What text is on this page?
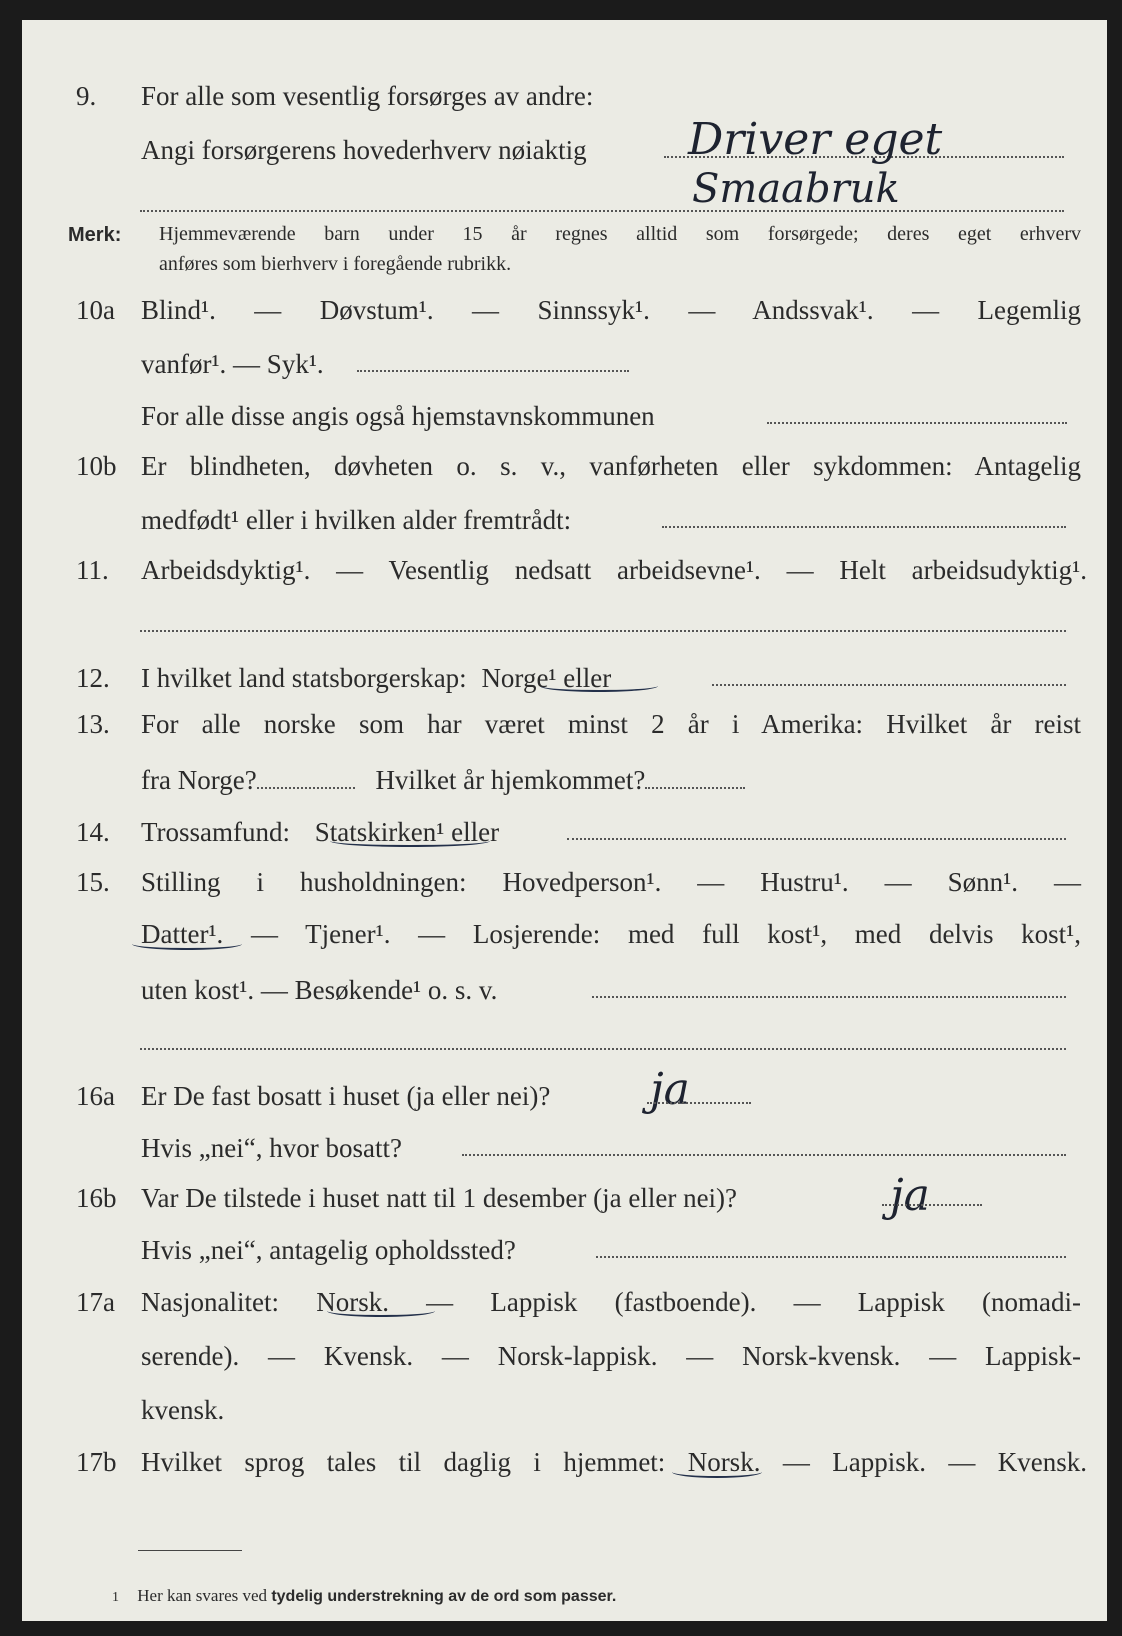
9.	For alle som vesentlig forsørges av andre:
Angi forsørgerens hovederhverv nøiaktig Driver eget
Smaabruk
Merk: Hjemmeværende barn under 15 år regnes alltid som forsørgede; deres eget erhverv
anføres som bierhverv i foregående rubrikk.
10a Blind¹. — Døvstum¹. — Sinnssyk¹. — Andssvak¹. — Legemlig
vanfør¹. — Syk¹.
For alle disse angis også hjemstavnskommunen
10b Er blindheten, døvheten o. s. v., vanførheten eller sykdommen: Antagelig
medfødt¹ eller i hvilken alder fremtrådt:
11.	Arbeidsdyktig¹. — Vesentlig nedsatt arbeidsevne¹. — Helt arbeidsudyktig¹.
12.	I hvilket land statsborgerskap: Norge¹ eller
13.	For alle norske som har været minst 2 år i Amerika: Hvilket år reist
fra Norge?	Hvilket år hjemkommet?
14.	Trossamfund: Statskirken¹ eller
15.	Stilling i husholdningen: Hovedperson¹. — Hustru¹. — Sønn¹. —
Datter¹. — Tjener¹. — Losjerende: med full kost¹, med delvis kost¹,
uten kost¹. — Besøkende¹ o. s. v.
16a Er De fast bosatt i huset (ja eller nei)? ja
Hvis „nei“, hvor bosatt?
16b Var De tilstede i huset natt til 1 desember (ja eller nei)?	ja
Hvis „nei“, antagelig opholdssted?
17a Nasjonalitet: Norsk. — Lappisk (fastboende). — Lappisk (nomadi-
serende). — Kvensk. — Norsk-lappisk. — Norsk-kvensk. — Lappisk-
kvensk.
17b Hvilket sprog tales til daglig i hjemmet: Norsk. — Lappisk. — Kvensk.
1 Her kan svares ved tydelig understrekning av de ord som passer.
